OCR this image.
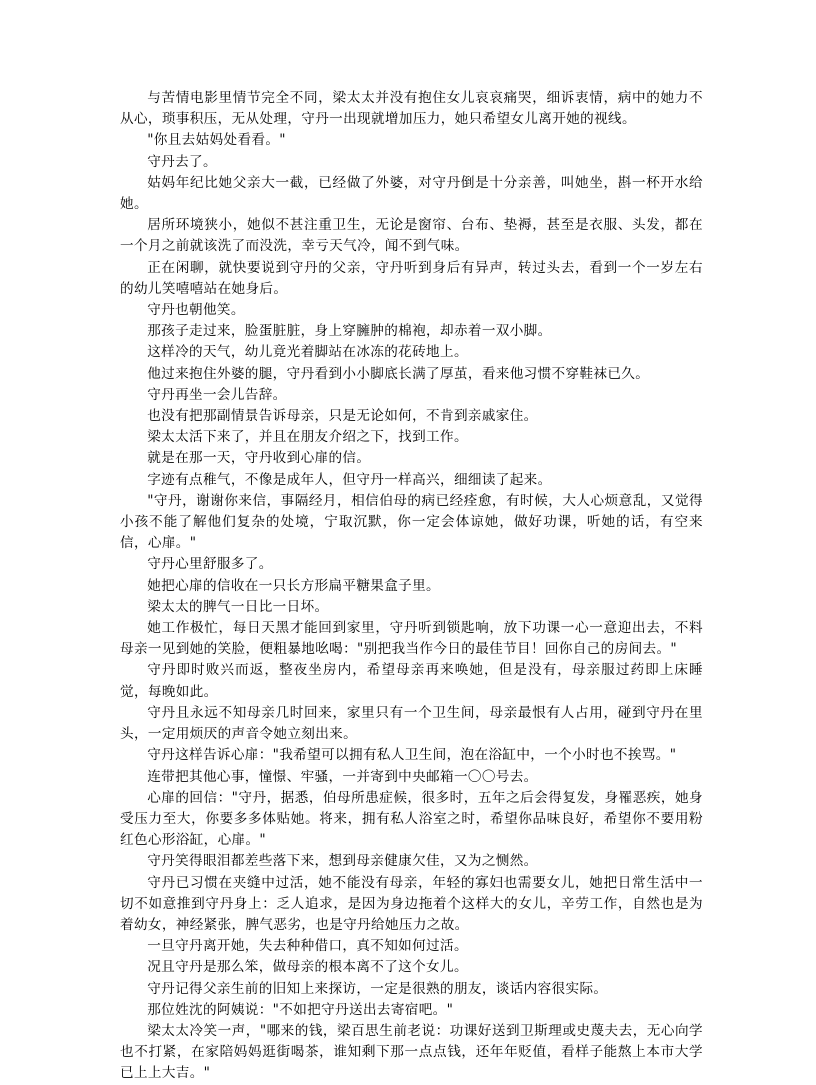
与苦情电影里情节完全不同，梁太太并没有抱住女儿哀哀痛哭，细诉衷情，病中的她力不从心，琐事积压，无从处理，守丹一出现就增加压力，她只希望女儿离开她的视线。

"你且去姑妈处看看。"

守丹去了。

姑妈年纪比她父亲大一截，已经做了外婆，对守丹倒是十分亲善，叫她坐，斟一杯开水给她。

居所环境狭小，她似不甚注重卫生，无论是窗帘、台布、垫褥，甚至是衣服、头发，都在一个月之前就该洗了而没洗，幸亏天气冷，闻不到气味。

正在闲聊，就快要说到守丹的父亲，守丹听到身后有异声，转过头去，看到一个一岁左右的幼儿笑嘻嘻站在她身后。

守丹也朝他笑。

那孩子走过来，脸蛋脏脏，身上穿臃肿的棉袍，却赤着一双小脚。

这样冷的天气，幼儿竟光着脚站在冰冻的花砖地上。

他过来抱住外婆的腿，守丹看到小小脚底长满了厚茧，看来他习惯不穿鞋袜已久。

守丹再坐一会儿告辞。

也没有把那副情景告诉母亲，只是无论如何，不肯到亲戚家住。

梁太太活下来了，并且在朋友介绍之下，找到工作。

就是在那一天，守丹收到心扉的信。

字迹有点稚气，不像是成年人，但守丹一样高兴，细细读了起来。

"守丹，谢谢你来信，事隔经月，相信伯母的病已经痊愈，有时候，大人心烦意乱，又觉得小孩不能了解他们复杂的处境，宁取沉默，你一定会体谅她，做好功课，听她的话，有空来信，心扉。"

守丹心里舒服多了。

她把心扉的信收在一只长方形扁平糖果盒子里。

梁太太的脾气一日比一日坏。

她工作极忙，每日天黑才能回到家里，守丹听到锁匙响，放下功课一心一意迎出去，不料母亲一见到她的笑脸，便粗暴地吆喝："别把我当作今日的最佳节目！回你自己的房间去。"

守丹即时败兴而返，整夜坐房内，希望母亲再来唤她，但是没有，母亲服过药即上床睡觉，每晚如此。

守丹且永远不知母亲几时回来，家里只有一个卫生间，母亲最恨有人占用，碰到守丹在里头，一定用烦厌的声音令她立刻出来。

守丹这样告诉心扉："我希望可以拥有私人卫生间，泡在浴缸中，一个小时也不挨骂。"

连带把其他心事，憧憬、牢骚，一并寄到中央邮箱一〇〇号去。

心扉的回信："守丹，据悉，伯母所患症候，很多时，五年之后会得复发，身罹恶疾，她身受压力至大，你要多多体贴她。将来，拥有私人浴室之时，希望你品味良好，希望你不要用粉红色心形浴缸，心扉。"

守丹笑得眼泪都差些落下来，想到母亲健康欠佳，又为之恻然。

守丹已习惯在夹缝中过活，她不能没有母亲，年轻的寡妇也需要女儿，她把日常生活中一切不如意推到守丹身上：乏人追求，是因为身边拖着个这样大的女儿，辛劳工作，自然也是为着幼女，神经紧张，脾气恶劣，也是守丹给她压力之故。

一旦守丹离开她，失去种种借口，真不知如何过活。

况且守丹是那么笨，做母亲的根本离不了这个女儿。

守丹记得父亲生前的旧知上来探访，一定是很熟的朋友，谈话内容很实际。

那位姓沈的阿姨说："不如把守丹送出去寄宿吧。"

梁太太冷笑一声，"哪来的钱，梁百思生前老说：功课好送到卫斯理或史蔑夫去，无心向学也不打紧，在家陪妈妈逛街喝茶，谁知剩下那一点点钱，还年年贬值，看样子能熬上本市大学已上上大吉。"
